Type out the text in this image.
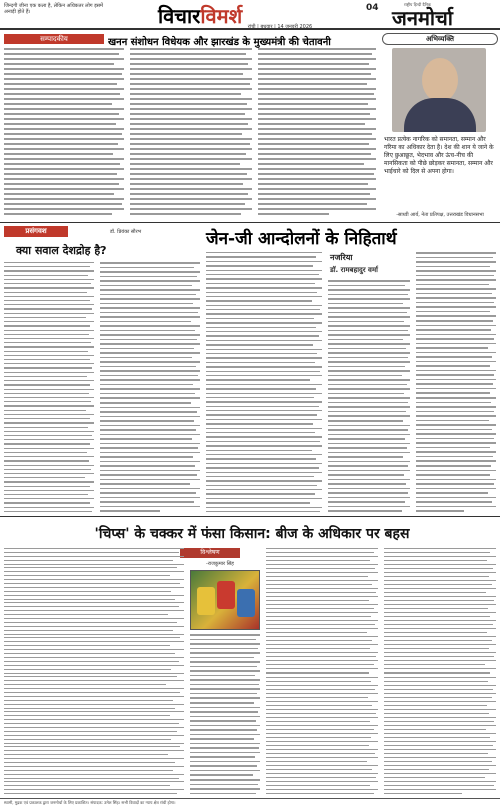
जिन्दगी जीना एक कला है, लेकिन अधिकतर लोग इसमें अनाड़ी होते हैं।	विचारविमर्श	रांची | बुधवार | 14 जनवरी 2026
04	राष्ट्रीय हिन्दी दैनिक
जनमोर्चा
सम्पादकीय	खनन संशोधन विधेयक और झारखंड के मुख्यमंत्री की चेतावनी	अभिव्यक्ति
भारत प्रत्येक नागरिक को समानता, सम्मान और गरिमा का अधिकार देता है। देश की शान ये जाने के लिए छुआछूत, भेदभाव और ऊंच-नीच की मानसिकता को पीछे छोड़कर समानता, सम्मान और भाईचारे को दिल से अपना होगा।
-साध्वी आर्य, नेता प्रतिपक्ष, उत्तराखंड विधानसभा
प्रसंगवश	डॉ. प्रियंका सौरभ
क्या सवाल देशद्रोह है?
जेन-जी आन्दोलनों के निहितार्थ
नजरिया
डॉ. रामबहादुर वर्मा
'चिप्स' के चक्कर में फंसा किसान: बीज के अधिकार पर बहस
विश्लेषण
-राजकुमार सिंह
स्वामी, मुद्रक एवं प्रकाशक द्वारा जनमोर्चा के लिए प्रकाशित। संपादक: उमेश सिंह। सभी विवादों का न्याय क्षेत्र रांची होगा।
